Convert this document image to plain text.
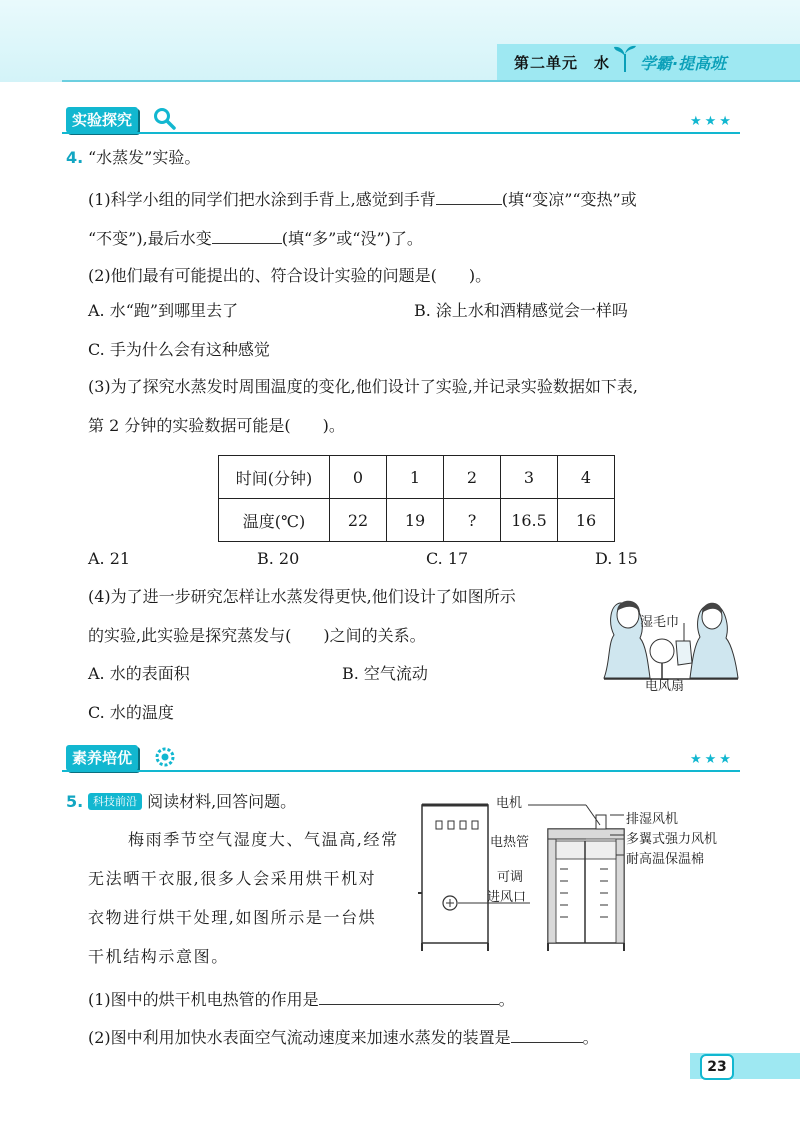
第二单元　水 学霸·提高班
实验探究	★★★
4. “水蒸发”实验。
(1)科学小组的同学们把水涂到手背上,感觉到手背	(填“变凉”“变热”或
“不变”),最后水变	(填“多”或“没”)了。
(2)他们最有可能提出的、符合设计实验的问题是(　　)。
A. 水“跑”到哪里去了	B. 涂上水和酒精感觉会一样吗
C. 手为什么会有这种感觉
(3)为了探究水蒸发时周围温度的变化,他们设计了实验,并记录实验数据如下表,
第 2 分钟的实验数据可能是(　　)。
时间(分钟)	0	1	2	3	4
温度(℃)	22	19	?	16.5	16
A. 21	B. 20	C. 17	D. 15
(4)为了进一步研究怎样让水蒸发得更快,他们设计了如图所示
的实验,此实验是探究蒸发与(　　)之间的关系。
A. 水的表面积	B. 空气流动
C. 水的温度
湿毛巾
电风扇
素养培优	★★★
5. 科技前沿 阅读材料,回答问题。
梅雨季节空气湿度大、气温高,经常
无法晒干衣服,很多人会采用烘干机对
衣物进行烘干处理,如图所示是一台烘
干机结构示意图。
电机
电热管
可调
进风口
排湿风机
多翼式强力风机
耐高温保温棉
(1)图中的烘干机电热管的作用是	。
(2)图中利用加快水表面空气流动速度来加速水蒸发的装置是	。
23
